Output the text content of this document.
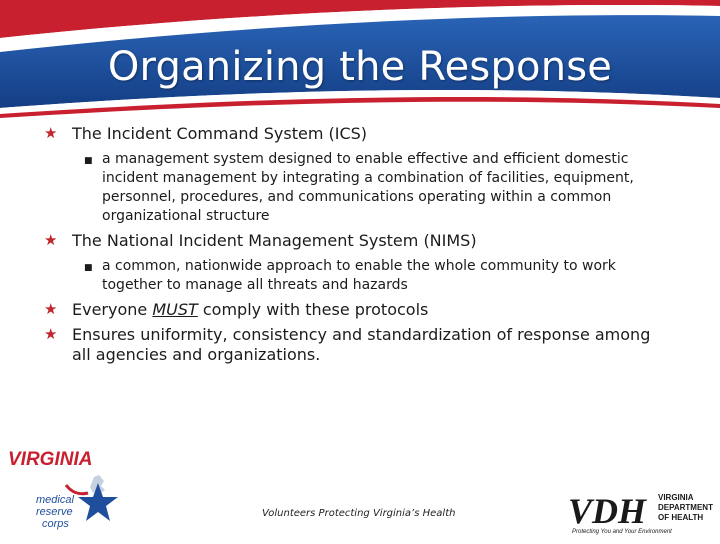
Organizing the Response
★ The Incident Command System (ICS)
■ a management system designed to enable effective and efficient domestic incident management by integrating a combination of facilities, equipment, personnel, procedures, and communications operating within a common organizational structure
★ The National Incident Management System (NIMS)
■ a common, nationwide approach to enable the whole community to work together to manage all threats and hazards
★ Everyone MUST comply with these protocols
★ Ensures uniformity, consistency and standardization of response among all agencies and organizations.
VIRGINIA
medical
reserve
corps
Volunteers Protecting Virginia’s Health	VDH VIRGINIA
DEPARTMENT
OF HEALTH
Protecting You and Your Environment
